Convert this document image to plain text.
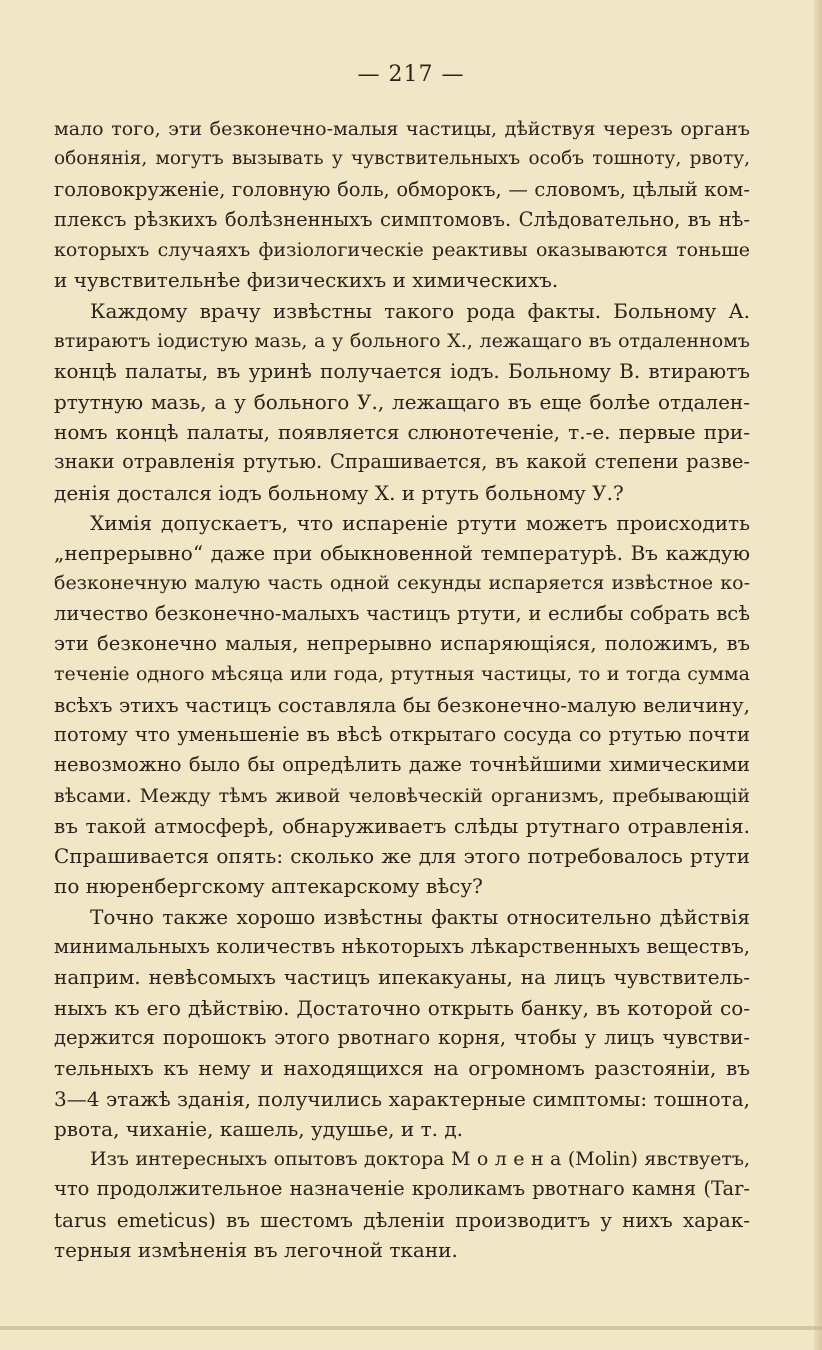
— 217 —
мало того, эти безконечно-малыя частицы, дѣйствуя черезъ органъ
обонянія, могутъ вызывать у чувствительныхъ особъ тошноту, рвоту,
головокруженіе, головную боль, обморокъ, — словомъ, цѣлый ком-
плексъ рѣзкихъ болѣзненныхъ симптомовъ. Слѣдовательно, въ нѣ-
которыхъ случаяхъ физіологическіе реактивы оказываются тоньше
и чувствительнѣе физическихъ и химическихъ.
Каждому врачу извѣстны такого рода факты. Больному А.
втираютъ іодистую мазь, а у больного Х., лежащаго въ отдаленномъ
концѣ палаты, въ уринѣ получается іодъ. Больному В. втираютъ
ртутную мазь, а у больного У., лежащаго въ еще болѣе отдален-
номъ концѣ палаты, появляется слюнотеченіе, т.-е. первые при-
знаки отравленія ртутью. Спрашивается, въ какой степени разве-
денія достался іодъ больному Х. и ртуть больному У.?
Химія допускаетъ, что испареніе ртути можетъ происходить
„непрерывно“ даже при обыкновенной температурѣ. Въ каждую
безконечную малую часть одной секунды испаряется извѣстное ко-
личество безконечно-малыхъ частицъ ртути, и еслибы собрать всѣ
эти безконечно малыя, непрерывно испаряющіяся, положимъ, въ
теченіе одного мѣсяца или года, ртутныя частицы, то и тогда сумма
всѣхъ этихъ частицъ составляла бы безконечно-малую величину,
потому что уменьшеніе въ вѣсѣ открытаго сосуда со ртутью почти
невозможно было бы опредѣлить даже точнѣйшими химическими
вѣсами. Между тѣмъ живой человѣческій организмъ, пребывающій
въ такой атмосферѣ, обнаруживаетъ слѣды ртутнаго отравленія.
Спрашивается опять: сколько же для этого потребовалось ртути
по нюренбергскому аптекарскому вѣсу?
Точно также хорошо извѣстны факты относительно дѣйствія
минимальныхъ количествъ нѣкоторыхъ лѣкарственныхъ веществъ,
наприм. невѣсомыхъ частицъ ипекакуаны, на лицъ чувствитель-
ныхъ къ его дѣйствію. Достаточно открыть банку, въ которой со-
держится порошокъ этого рвотнаго корня, чтобы у лицъ чувстви-
тельныхъ къ нему и находящихся на огромномъ разстояніи, въ
3—4 этажѣ зданія, получились характерные симптомы: тошнота,
рвота, чиханіе, кашель, удушье, и т. д.
Изъ интересныхъ опытовъ доктора М о л е н а (Molin) явствуетъ,
что продолжительное назначеніе кроликамъ рвотнаго камня (Tar-
tarus emeticus) въ шестомъ дѣленіи производитъ у нихъ харак-
терныя измѣненія въ легочной ткани.
